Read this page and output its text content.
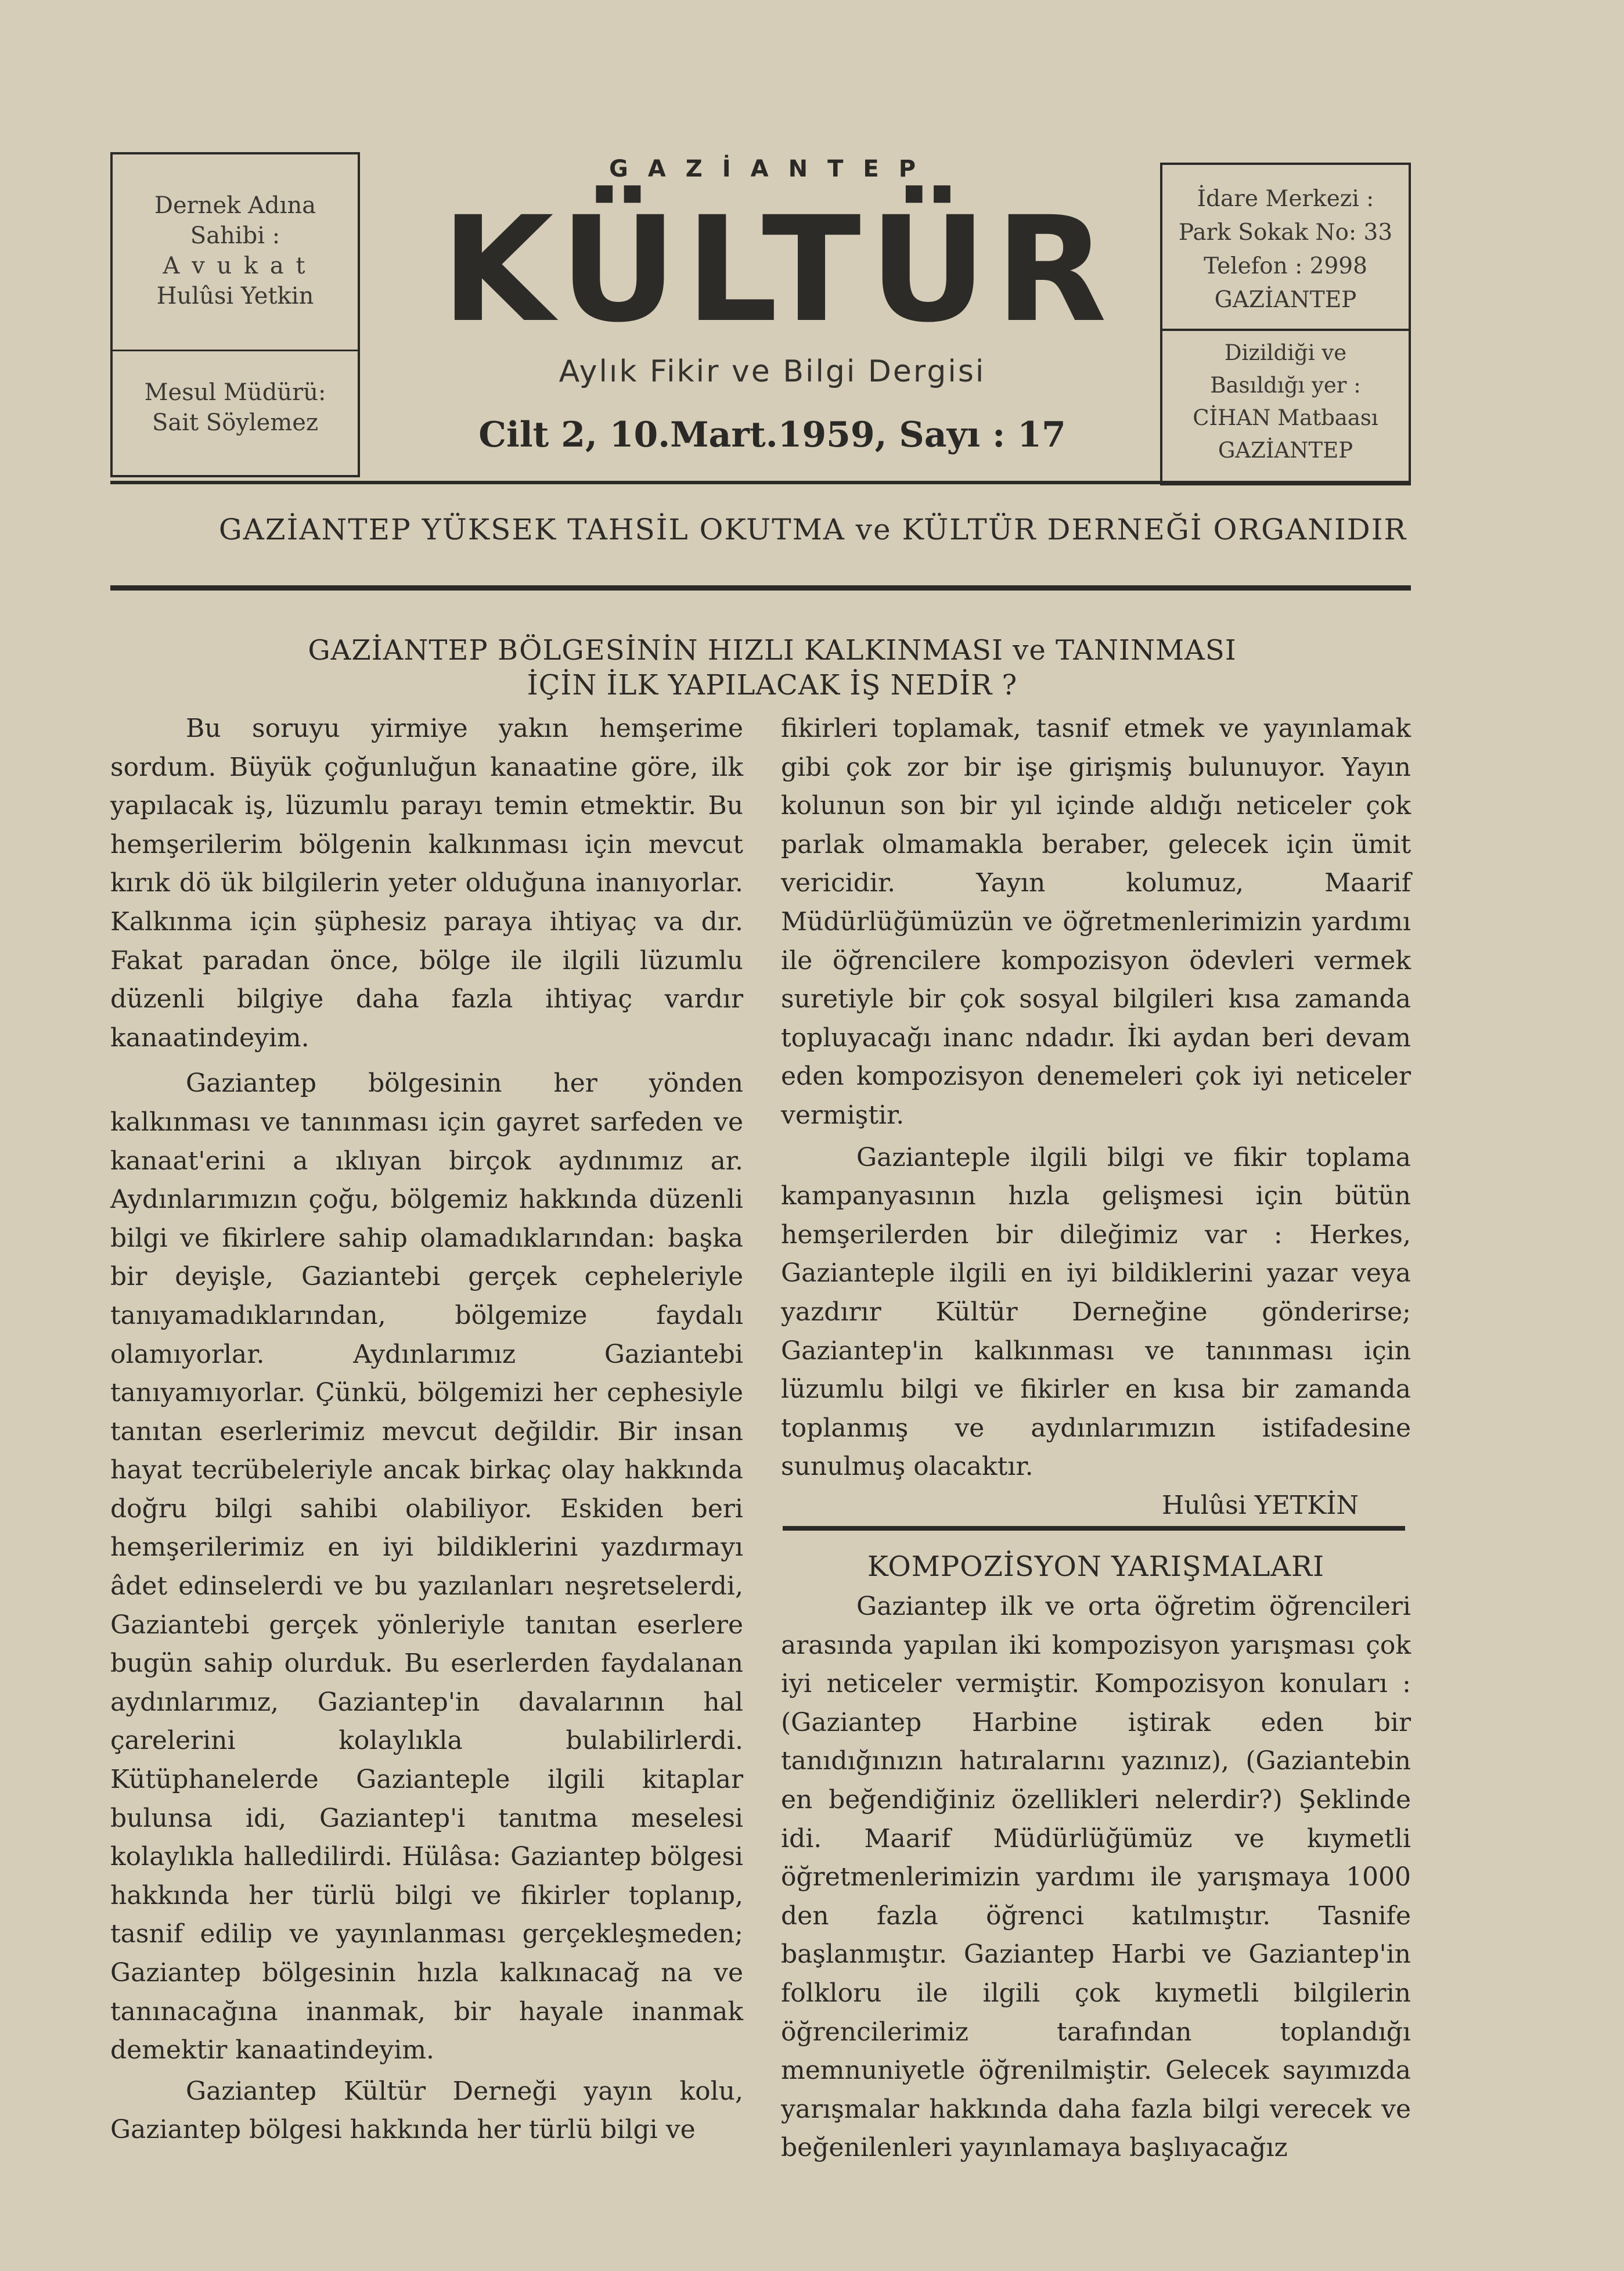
Dernek Adına
Sahibi :
A v u k a t
Hulûsi Yetkin
Mesul Müdürü:
Sait Söylemez
GAZİANTEP
KÜLTÜR
Aylık Fikir ve Bilgi Dergisi
Cilt 2, 10.Mart.1959, Sayı : 17
İdare Merkezi :
Park Sokak No: 33
Telefon : 2998
GAZİANTEP
Dizildiği ve
Basıldığı yer :
CİHAN Matbaası
GAZİANTEP
GAZİANTEP YÜKSEK TAHSİL OKUTMA ve KÜLTÜR DERNEĞİ ORGANIDIR
GAZİANTEP BÖLGESİNİN HIZLI KALKINMASI ve TANINMASI
İÇİN İLK YAPILACAK İŞ NEDİR ?

Bu soruyu yirmiye yakın hemşerime sordum. Büyük çoğunluğun kanaatine göre, ilk yapılacak iş, lüzumlu parayı temin etmektir. Bu hemşerilerim bölgenin kalkınması için mevcut kırık dö ük bilgilerin yeter olduğuna inanıyorlar. Kalkınma için şüphesiz paraya ihtiyaç va dır. Fakat paradan önce, bölge ile ilgili lüzumlu düzenli bilgiye daha fazla ihtiyaç vardır kanaatindeyim.

Gaziantep bölgesinin her yönden kalkınması ve tanınması için gayret sarfeden ve kanaat'erini a ıklıyan birçok aydınımız ar. Aydınlarımızın çoğu, bölgemiz hakkında düzenli bilgi ve fikirlere sahip olamadıklarından: başka bir deyişle, Gaziantebi gerçek cepheleriyle tanıyamadıklarından, bölgemize faydalı olamıyorlar. Aydınlarımız Gaziantebi tanıyamıyorlar. Çünkü, bölgemizi her cephesiyle tanıtan eserlerimiz mevcut değildir. Bir insan hayat tecrübeleriyle ancak birkaç olay hakkında doğru bilgi sahibi olabiliyor. Eskiden beri hemşerilerimiz en iyi bildiklerini yazdırmayı âdet edinselerdi ve bu yazılanları neşretselerdi, Gaziantebi gerçek yönleriyle tanıtan eserlere bugün sahip olurduk. Bu eserlerden faydalanan aydınlarımız, Gaziantep'in davalarının hal çarelerini kolaylıkla bulabilirlerdi. Kütüphanelerde Gazianteple ilgili kitaplar bulunsa idi, Gaziantep'i tanıtma meselesi kolaylıkla halledilirdi. Hülâsa: Gaziantep bölgesi hakkında her türlü bilgi ve fikirler toplanıp, tasnif edilip ve yayınlanması gerçekleşmeden; Gaziantep bölgesinin hızla kalkınacağ na ve tanınacağına inanmak, bir hayale inanmak demektir kanaatindeyim.

Gaziantep Kültür Derneği yayın kolu, Gaziantep bölgesi hakkında her türlü bilgi ve

fikirleri toplamak, tasnif etmek ve yayınlamak gibi çok zor bir işe girişmiş bulunuyor. Yayın kolunun son bir yıl içinde aldığı neticeler çok parlak olmamakla beraber, gelecek için ümit vericidir. Yayın kolumuz, Maarif Müdürlüğümüzün ve öğretmenlerimizin yardımı ile öğrencilere kompozisyon ödevleri vermek suretiyle bir çok sosyal bilgileri kısa zamanda topluyacağı inanc ndadır. İki aydan beri devam eden kompozisyon denemeleri çok iyi neticeler vermiştir.

Gazianteple ilgili bilgi ve fikir toplama kampanyasının hızla gelişmesi için bütün hemşerilerden bir dileğimiz var : Herkes, Gazianteple ilgili en iyi bildiklerini yazar veya yazdırır Kültür Derneğine gönderirse; Gaziantep'in kalkınması ve tanınması için lüzumlu bilgi ve fikirler en kısa bir zamanda toplanmış ve aydınlarımızın istifadesine sunulmuş olacaktır.

Hulûsi YETKİN

KOMPOZİSYON YARIŞMALARI

Gaziantep ilk ve orta öğretim öğrencileri arasında yapılan iki kompozisyon yarışması çok iyi neticeler vermiştir. Kompozisyon konuları : (Gaziantep Harbine iştirak eden bir tanıdığınızın hatıralarını yazınız), (Gaziantebin en beğendiğiniz özellikleri nelerdir?) Şeklinde idi. Maarif Müdürlüğümüz ve kıymetli öğretmenlerimizin yardımı ile yarışmaya 1000 den fazla öğrenci katılmıştır. Tasnife başlanmıştır. Gaziantep Harbi ve Gaziantep'in folkloru ile ilgili çok kıymetli bilgilerin öğrencilerimiz tarafından toplandığı memnuniyetle öğrenilmiştir. Gelecek sayımızda yarışmalar hakkında daha fazla bilgi verecek ve beğenilenleri yayınlamaya başlıyacağız
